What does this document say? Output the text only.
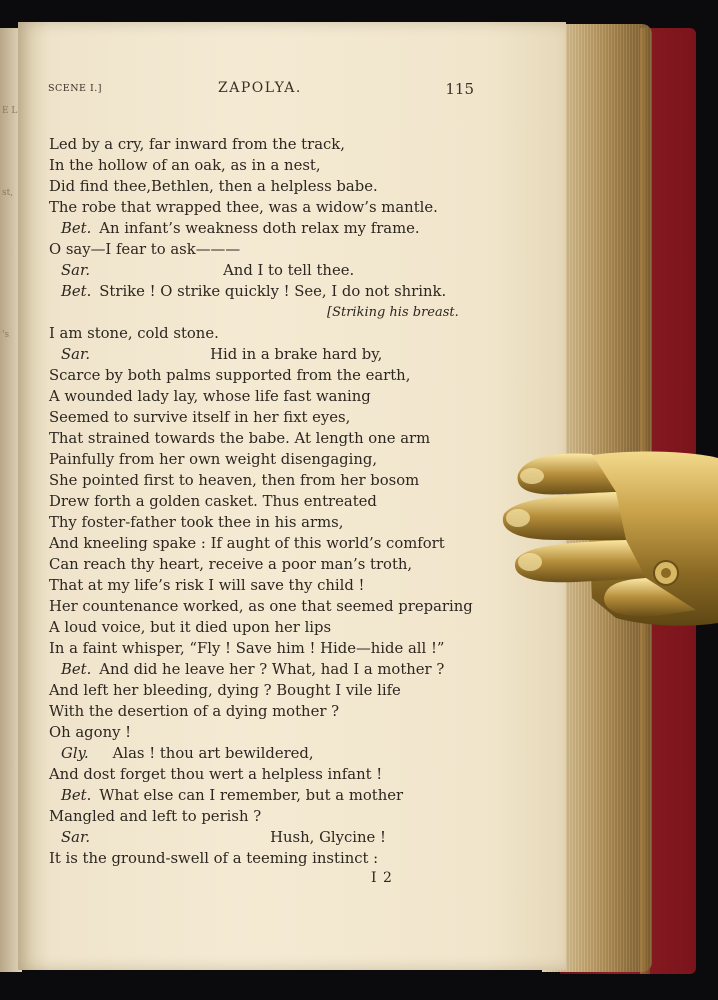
E L
st,
's
SCENE I.]	ZAPOLYA.	115
Led by a cry, far inward from the track,
In the hollow of an oak, as in a nest,
Did find thee,Bethlen, then a helpless babe.
The robe that wrapped thee, was a widow’s mantle.
Bet. An infant’s weakness doth relax my frame.
O say—I fear to ask———
Sar.	And I to tell thee.
Bet. Strike ! O strike quickly ! See, I do not shrink.
[Striking his breast.
I am stone, cold stone.
Sar.	Hid in a brake hard by,
Scarce by both palms supported from the earth,
A wounded lady lay, whose life fast waning
Seemed to survive itself in her fixt eyes,
That strained towards the babe. At length one arm
Painfully from her own weight disengaging,
She pointed first to heaven, then from her bosom
Drew forth a golden casket. Thus entreated
Thy foster-father took thee in his arms,
And kneeling spake : If aught of this world’s comfort
Can reach thy heart, receive a poor man’s troth,
That at my life’s risk I will save thy child !
Her countenance worked, as one that seemed preparing
A loud voice, but it died upon her lips
In a faint whisper, “Fly ! Save him ! Hide—hide all !”
Bet. And did he leave her ? What, had I a mother ?
And left her bleeding, dying ? Bought I vile life
With the desertion of a dying mother ?
Oh agony !
Gly. Alas ! thou art bewildered,
And dost forget thou wert a helpless infant !
Bet. What else can I remember, but a mother
Mangled and left to perish ?
Sar.	Hush, Glycine !
It is the ground-swell of a teeming instinct :
I 2
